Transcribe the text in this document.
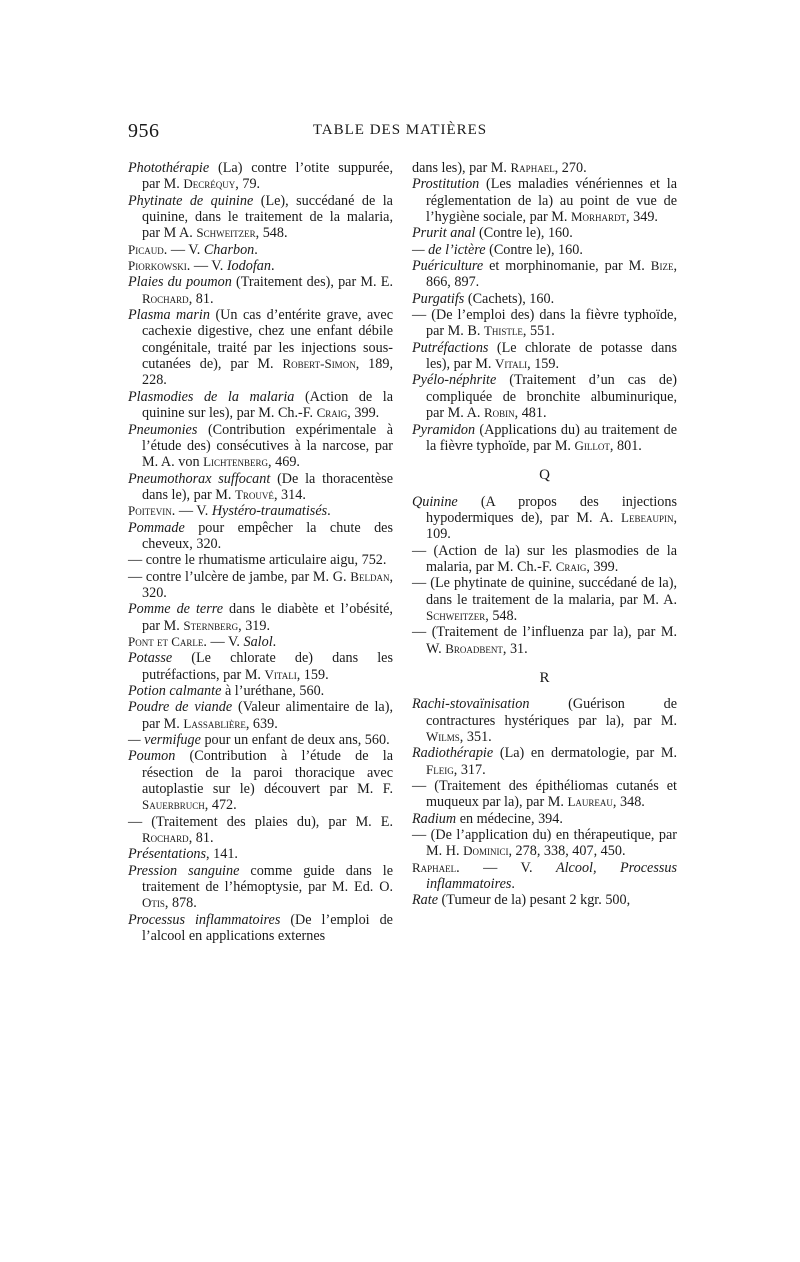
956	TABLE DES MATIÈRES
Photothérapie (La) contre l’otite suppurée, par M. Decréquy, 79.
Phytinate de quinine (Le), succédané de la quinine, dans le traitement de la malaria, par M A. Schweitzer, 548.
Picaud. — V. Charbon.
Piorkowski. — V. Iodofan.
Plaies du poumon (Traitement des), par M. E. Rochard, 81.
Plasma marin (Un cas d’entérite grave, avec cachexie digestive, chez une enfant débile congénitale, traité par les injections sous-cutanées de), par M. Robert-Simon, 189, 228.
Plasmodies de la malaria (Action de la quinine sur les), par M. Ch.-F. Craig, 399.
Pneumonies (Contribution expérimentale à l’étude des) consécutives à la narcose, par M. A. von Lichtenberg, 469.
Pneumothorax suffocant (De la thoracentèse dans le), par M. Trouvé, 314.
Poitevin. — V. Hystéro-traumatisés.
Pommade pour empêcher la chute des cheveux, 320.
— contre le rhumatisme articulaire aigu, 752.
— contre l’ulcère de jambe, par M. G. Beldan, 320.
Pomme de terre dans le diabète et l’obésité, par M. Sternberg, 319.
Pont et Carle. — V. Salol.
Potasse (Le chlorate de) dans les putréfactions, par M. Vitali, 159.
Potion calmante à l’uréthane, 560.
Poudre de viande (Valeur alimentaire de la), par M. Lassablière, 639.
— vermifuge pour un enfant de deux ans, 560.
Poumon (Contribution à l’étude de la résection de la paroi thoracique avec autoplastie sur le) découvert par M. F. Sauerbruch, 472.
— (Traitement des plaies du), par M. E. Rochard, 81.
Présentations, 141.
Pression sanguine comme guide dans le traitement de l’hémoptysie, par M. Ed. O. Otis, 878.
Processus inflammatoires (De l’emploi de l’alcool en applications externes
dans les), par M. Raphael, 270.
Prostitution (Les maladies vénériennes et la réglementation de la) au point de vue de l’hygiène sociale, par M. Morhardt, 349.
Prurit anal (Contre le), 160.
— de l’ictère (Contre le), 160.
Puériculture et morphinomanie, par M. Bize, 866, 897.
Purgatifs (Cachets), 160.
— (De l’emploi des) dans la fièvre typhoïde, par M. B. Thistle, 551.
Putréfactions (Le chlorate de potasse dans les), par M. Vitali, 159.
Pyélo-néphrite (Traitement d’un cas de) compliquée de bronchite albuminurique, par M. A. Robin, 481.
Pyramidon (Applications du) au traitement de la fièvre typhoïde, par M. Gillot, 801.
Q
Quinine (A propos des injections hypodermiques de), par M. A. Lebeaupin, 109.
— (Action de la) sur les plasmodies de la malaria, par M. Ch.-F. Craig, 399.
— (Le phytinate de quinine, succédané de la), dans le traitement de la malaria, par M. A. Schweitzer, 548.
— (Traitement de l’influenza par la), par M. W. Broadbent, 31.
R
Rachi-stovaïnisation (Guérison de contractures hystériques par la), par M. Wilms, 351.
Radiothérapie (La) en dermatologie, par M. Fleig, 317.
— (Traitement des épithéliomas cutanés et muqueux par la), par M. Laureau, 348.
Radium en médecine, 394.
— (De l’application du) en thérapeutique, par M. H. Dominici, 278, 338, 407, 450.
Raphael. — V. Alcool, Processus inflammatoires.
Rate (Tumeur de la) pesant 2 kgr. 500,
